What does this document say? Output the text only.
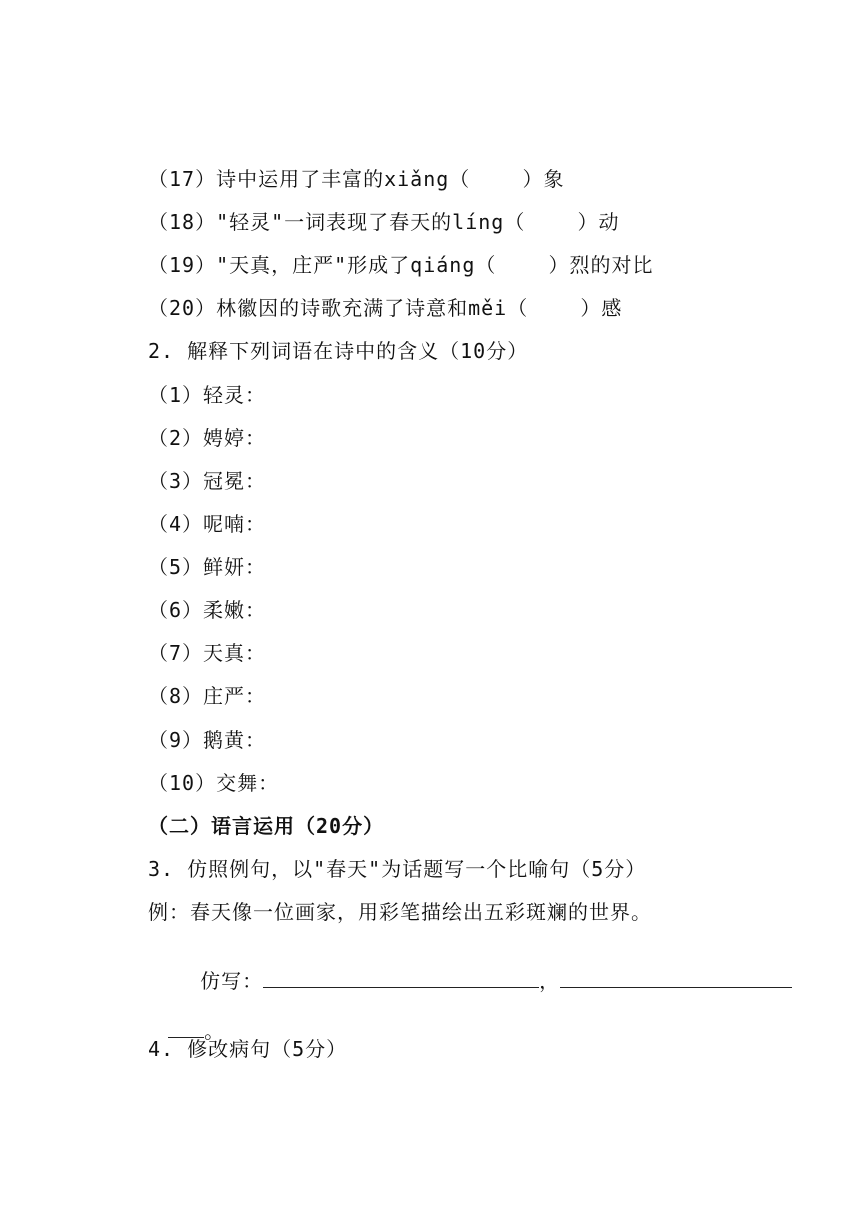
（17）诗中运用了丰富的xiǎng（    ）象
（18）"轻灵"一词表现了春天的líng（    ）动
（19）"天真，庄严"形成了qiáng（    ）烈的对比
（20）林徽因的诗歌充满了诗意和měi（    ）感
2. 解释下列词语在诗中的含义（10分）
（1）轻灵：
（2）娉婷：
（3）冠冕：
（4）呢喃：
（5）鲜妍：
（6）柔嫩：
（7）天真：
（8）庄严：
（9）鹅黄：
（10）交舞：
（二）语言运用（20分）
3. 仿照例句，以"春天"为话题写一个比喻句（5分）
例：春天像一位画家，用彩笔描绘出五彩斑斓的世界。

仿写：	，

。

4. 修改病句（5分）
